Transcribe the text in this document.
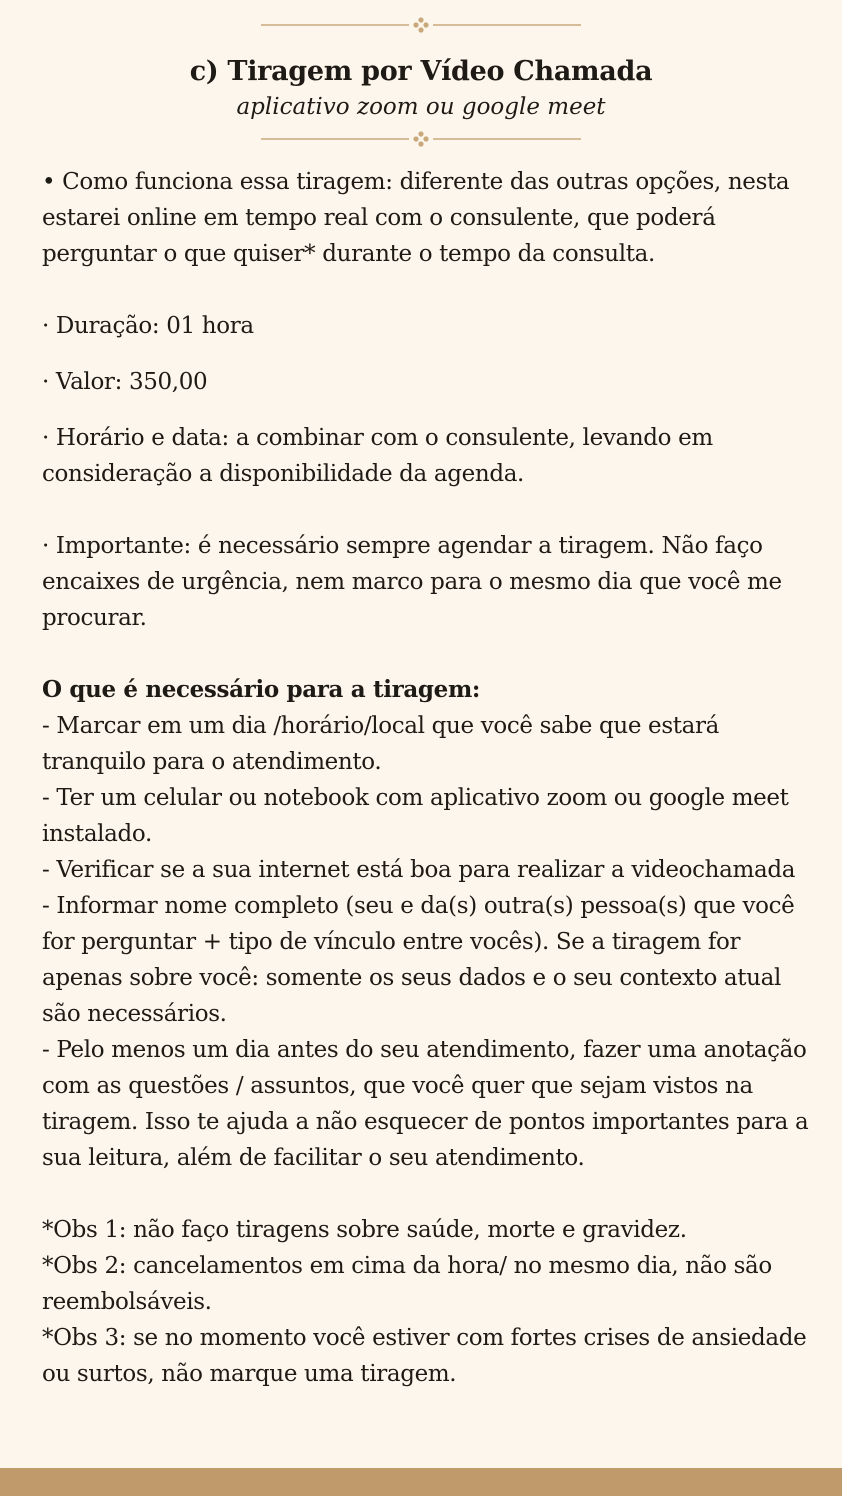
c) Tiragem por Vídeo Chamada
aplicativo zoom ou google meet

• Como funciona essa tiragem: diferente das outras opções, nesta estarei online em tempo real com o consulente, que poderá perguntar o que quiser* durante o tempo da consulta.

· Duração: 01 hora

· Valor: 350,00

· Horário e data: a combinar com o consulente, levando em consideração a disponibilidade da agenda.

· Importante: é necessário sempre agendar a tiragem. Não faço encaixes de urgência, nem marco para o mesmo dia que você me procurar.

O que é necessário para a tiragem:

- Marcar em um dia /horário/local que você sabe que estará tranquilo para o atendimento.

- Ter um celular ou notebook com aplicativo zoom ou google meet instalado.

- Verificar se a sua internet está boa para realizar a videochamada

- Informar nome completo (seu e da(s) outra(s) pessoa(s) que você for perguntar + tipo de vínculo entre vocês). Se a tiragem for apenas sobre você: somente os seus dados e o seu contexto atual são necessários.

- Pelo menos um dia antes do seu atendimento, fazer uma anotação com as questões / assuntos, que você quer que sejam vistos na tiragem. Isso te ajuda a não esquecer de pontos importantes para a sua leitura, além de facilitar o seu atendimento.

*Obs 1: não faço tiragens sobre saúde, morte e gravidez.

*Obs 2: cancelamentos em cima da hora/ no mesmo dia, não são reembolsáveis.

*Obs 3: se no momento você estiver com fortes crises de ansiedade ou surtos, não marque uma tiragem.
